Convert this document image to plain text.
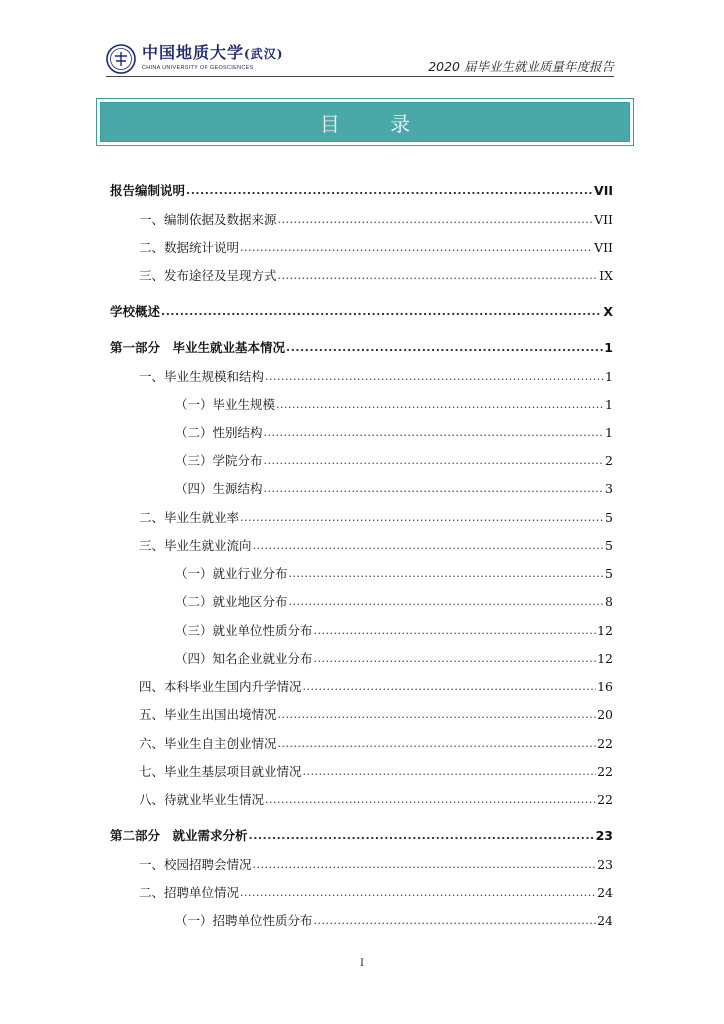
中国地质大学(武汉)
CHINA UNIVERSITY OF GEOSCIENCES	2020 届毕业生就业质量年度报告
目 录
报告编制说明 .....	VII
一、编制依据及数据来源 .....	VII
二、数据统计说明 .....	VII
三、发布途径及呈现方式 .....	IX
学校概述 .....	X
第一部分　毕业生就业基本情况 .....	1
一、毕业生规模和结构 .....	1
（一）毕业生规模 .....	1
（二）性别结构 .....	1
（三）学院分布 .....	2
（四）生源结构 .....	3
二、毕业生就业率 .....	5
三、毕业生就业流向 .....	5
（一）就业行业分布 .....	5
（二）就业地区分布 .....	8
（三）就业单位性质分布 .....	12
（四）知名企业就业分布 .....	12
四、本科毕业生国内升学情况 .....	16
五、毕业生出国出境情况 .....	20
六、毕业生自主创业情况 .....	22
七、毕业生基层项目就业情况 .....	22
八、待就业毕业生情况 .....	22
第二部分　就业需求分析 .....	23
一、校园招聘会情况 .....	23
二、招聘单位情况 .....	24
（一）招聘单位性质分布 .....	24
I
